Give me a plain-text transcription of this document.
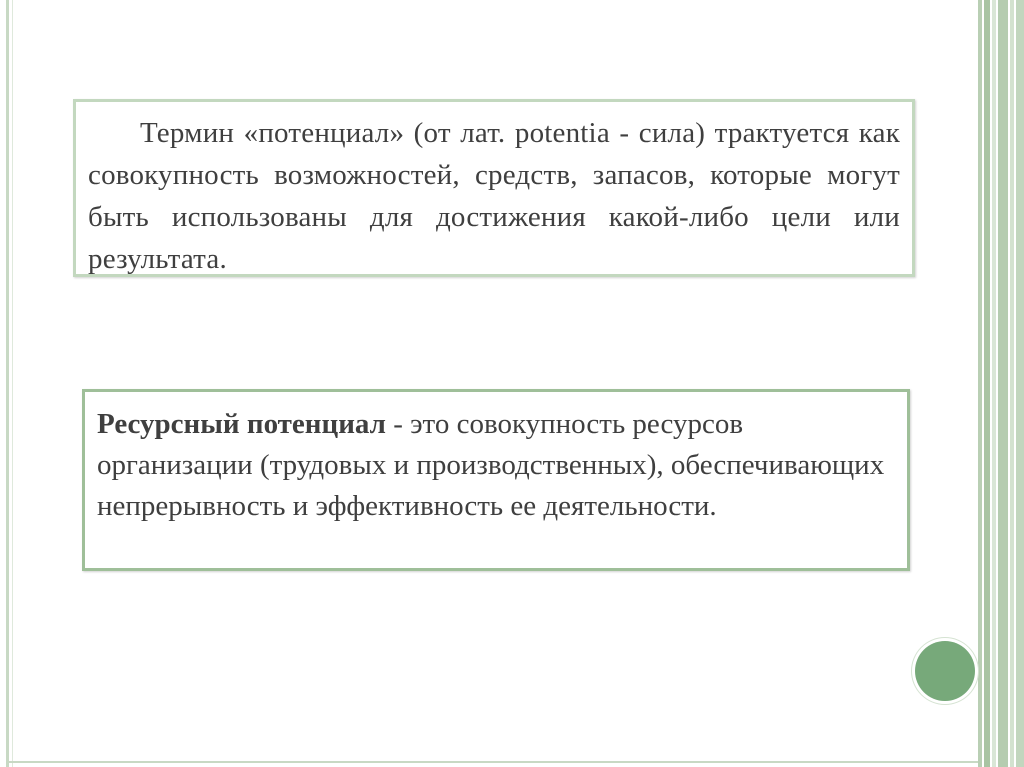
Термин «потенциал» (от лат. potentia - сила) трактуется как совокупность возможностей, средств, запасов, которые могут быть использованы для достижения какой-либо цели или результата.

Ресурсный потенциал - это совокупность ресурсов организации (трудовых и производственных), обеспечивающих непрерывность и эффективность ее деятельности.
